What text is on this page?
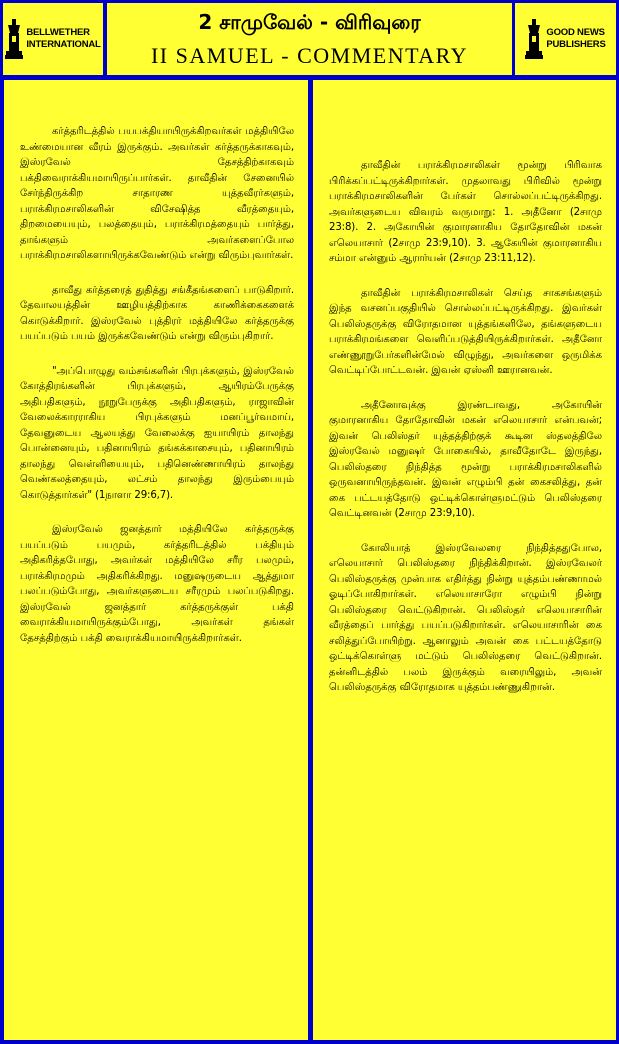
BELLWETHER
INTERNATIONAL
2 சாமுவேல் - விரிவுரை
II SAMUEL - COMMENTARY
GOOD NEWS
PUBLISHERS

கர்த்தரிடத்தில் பயபக்தியாயிருக்கிறவர்கள் மத்தியிலே உண்மையான வீரம் இருக்கும். அவர்கள் கர்த்தருக்காகவும், இஸ்ரவேல் தேசத்திற்காகவும் பக்திவைராக்கியமாயிருப்பார்கள். தாவீதின் சேனையில் சேர்ந்திருக்கிற சாதாரண யுத்தவீரர்களும், பராக்கிரமசாலிகளின் விசேஷித்த வீரத்தையும், திறமையையும், பலத்தையும், பராக்கிரமத்தையும் பார்த்து, தாங்களும் அவர்களைப்போல பராக்கிரமசாலிகளாயிருக்கவேண்டும் என்று விரும்புவார்கள்.

தாவீது கர்த்தரைத் துதித்து சங்கீதங்களைப் பாடுகிறார். தேவாலயத்தின் ஊழியத்திற்காக காணிக்கைகளைக் கொடுக்கிறார். இஸ்ரவேல் புத்திரர் மத்தியிலே கர்த்தருக்கு பயப்படும் பயம் இருக்கவேண்டும் என்று விரும்புகிறார்.

"அப்பொழுது வம்சங்களின் பிரபுக்களும், இஸ்ரவேல் கோத்திரங்களின் பிரபுக்களும், ஆயிரம்பேருக்கு அதிபதிகளும், நூறுபேருக்கு அதிபதிகளும், ராஜாவின் வேலைக்காரராகிய பிரபுக்களும் மனப்பூர்வமாய், தேவனுடைய ஆலயத்து வேலைக்கு ஐயாயிரம் தாலந்து பொன்னையும், பதினாயிரம் தங்கக்காசையும், பதினாயிரம் தாலந்து வெள்ளியையும், பதினெண்ணாயிரம் தாலந்து வெண்கலத்தையும், லட்சம் தாலந்து இரும்பையும் கொடுத்தார்கள்" (1நாளா 29:6,7).

இஸ்ரவேல் ஜனத்தார் மத்தியிலே கர்த்தருக்கு பயப்படும் பயமும், கர்த்தரிடத்தில் பக்தியும் அதிகரித்தபோது, அவர்கள் மத்தியிலே சரீர பலமும், பராக்கிரமமும் அதிகரிக்கிறது. மனுஷருடைய ஆத்துமா பலப்படும்போது, அவர்களுடைய சரீரமும் பலப்படுகிறது. இஸ்ரவேல் ஜனத்தார் கர்த்தருக்குள் பக்தி வைராக்கியமாயிருக்கும்போது, அவர்கள் தங்கள் தேசத்திற்கும் பக்தி வைராக்கியமாயிருக்கிறார்கள்.

தாவீதின் பராக்கிரமசாலிகள் மூன்று பிரிவாக பிரிக்கப்பட்டிருக்கிறார்கள். முதலாவது பிரிவில் மூன்று பராக்கிரமசாலிகளின் பேர்கள் சொல்லப்பட்டிருக்கிறது. அவர்களுடைய விவரம் வருமாறு: 1. அதீனோ (2சாமு 23:8). 2. அகோயின் குமாரனாகிய தோதோவின் மகன் எலெயாசார் (2சாமு 23:9,10). 3. ஆகேயின் குமாரனாகிய சம்மா என்னும் ஆரார்யன் (2சாமு 23:11,12).

தாவீதின் பராக்கிரமசாலிகள் செய்த சாகசங்களும் இந்த வசனப்பகுதியில் சொல்லப்பட்டிருக்கிறது. இவர்கள் பெலிஸ்தருக்கு விரோதமான யுத்தங்களிலே, தங்களுடைய பராக்கிரமங்களை வெளிப்படுத்தியிருக்கிறார்கள். அதீனோ எண்ணூறுபேர்களின்மேல் விழுந்து, அவர்களை ஒருமிக்க வெட்டிப்போட்டவன். இவன் ஏஸ்னி ஊரானவன்.

அதீனோவுக்கு இரண்டாவது, அகோயின் குமாரனாகிய தோதோவின் மகன் எலெயாசார் என்பவன்; இவன் பெலிஸ்தர் யுத்தத்திற்குக் கூடின ஸ்தலத்திலே இஸ்ரவேல் மனுஷர் போகையில், தாவீதோடே இருந்து, பெலிஸ்தரை நிந்தித்த மூன்று பராக்கிரமசாலிகளில் ஒருவனாயிருந்தவன். இவன் எழும்பி தன் கைசலித்து, தன் கை பட்டயத்தோடு ஒட்டிக்கொள்ளுமட்டும் பெலிஸ்தரை வெட்டினவன் (2சாமு 23:9,10).

கோலியாத் இஸ்ரவேலரை நிந்தித்ததுபோல, எலெயாசார் பெலிஸ்தரை நிந்திக்கிறான். இஸ்ரவேலர் பெலிஸ்தருக்கு முன்பாக எதிர்த்து நின்று யுத்தம்பண்ணாமல் ஓடிப்போகிறார்கள். எலெயாசாரோ எழும்பி நின்று பெலிஸ்தரை வெட்டுகிறான். பெலிஸ்தர் எலெயாசாரின் வீரத்தைப் பார்த்து பயப்படுகிறார்கள். எலெயாசாரின் கை சலித்துப்போயிற்று. ஆனாலும் அவன் கை பட்டயத்தோடு ஒட்டிக்கொள்ளு மட்டும் பெலிஸ்தரை வெட்டுகிறான். தன்னிடத்தில் பலம் இருக்கும் வரையிலும், அவன் பெலிஸ்தருக்கு விரோதமாக யுத்தம்பண்ணுகிறான்.
